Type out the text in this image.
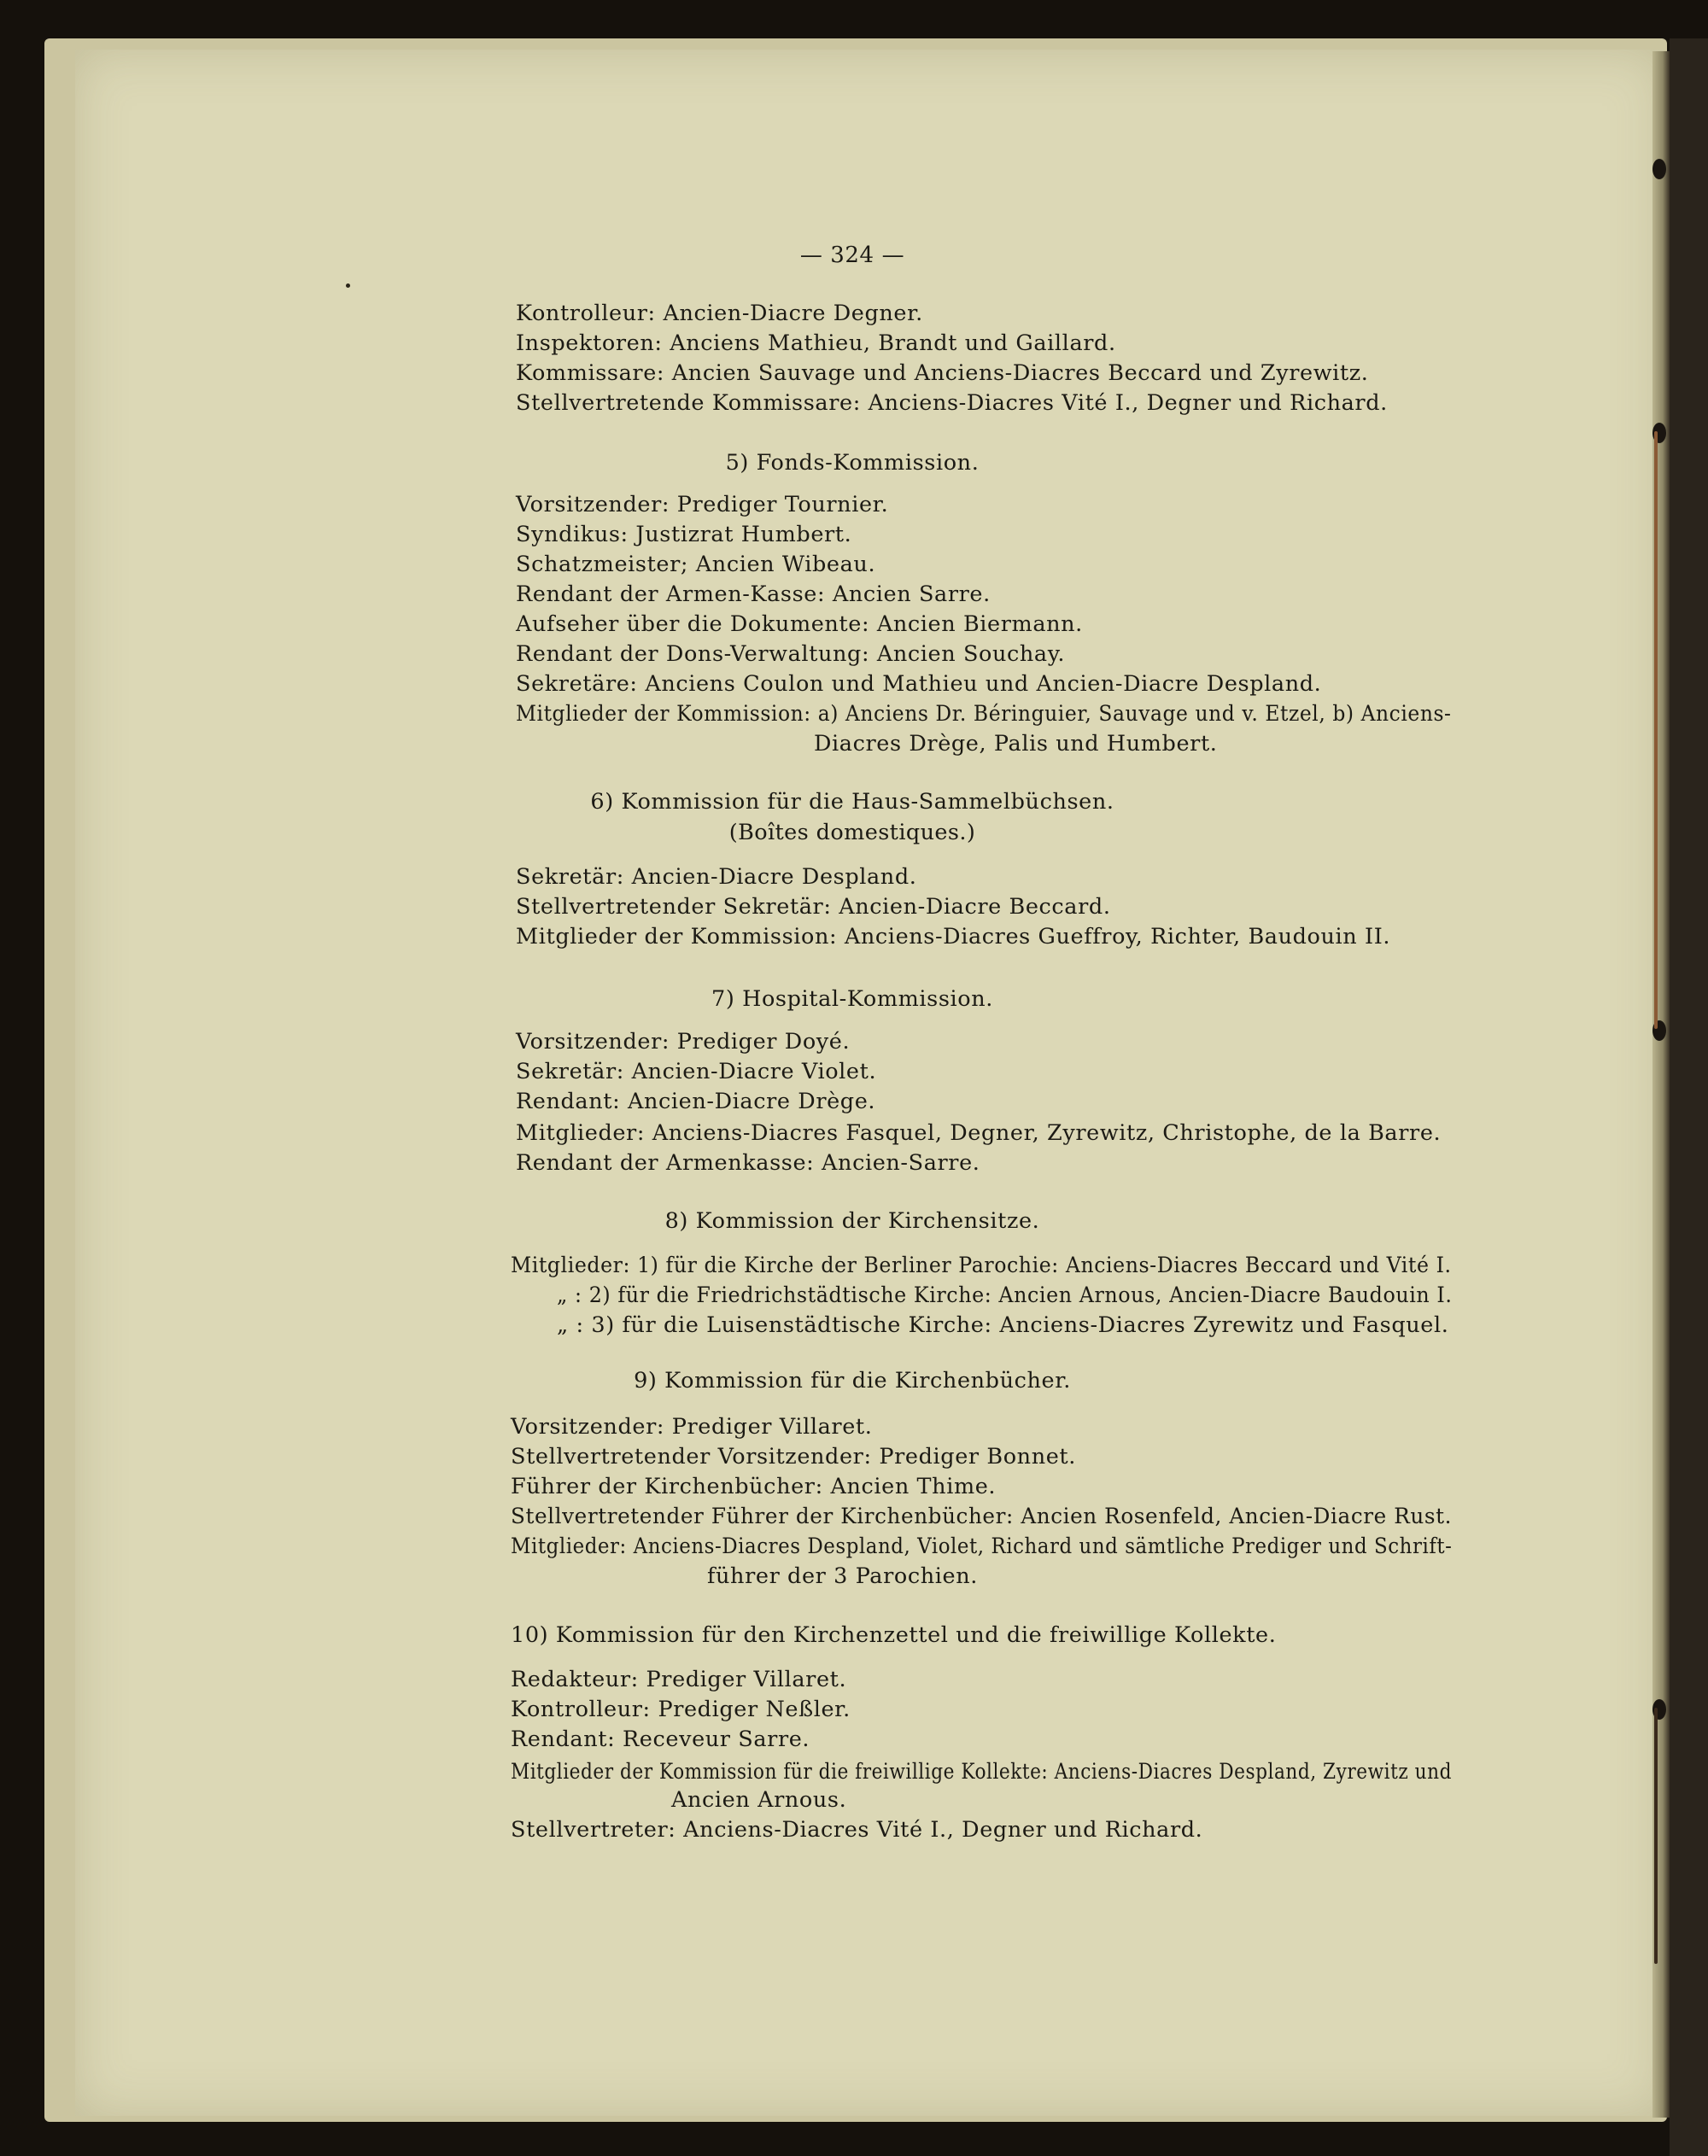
— 324 —
Kontrolleur: Ancien-Diacre Degner.
Inspektoren: Anciens Mathieu, Brandt und Gaillard.
Kommissare: Ancien Sauvage und Anciens-Diacres Beccard und Zyrewitz.
Stellvertretende Kommissare: Anciens-Diacres Vité I., Degner und Richard.
5) Fonds-Kommission.
Vorsitzender: Prediger Tournier.
Syndikus: Justizrat Humbert.
Schatzmeister; Ancien Wibeau.
Rendant der Armen-Kasse: Ancien Sarre.
Aufseher über die Dokumente: Ancien Biermann.
Rendant der Dons-Verwaltung: Ancien Souchay.
Sekretäre: Anciens Coulon und Mathieu und Ancien-Diacre Despland.
Mitglieder der Kommission: a) Anciens Dr. Béringuier, Sauvage und v. Etzel, b) Anciens-
Diacres Drège, Palis und Humbert.
6) Kommission für die Haus-Sammelbüchsen.
(Boîtes domestiques.)
Sekretär: Ancien-Diacre Despland.
Stellvertretender Sekretär: Ancien-Diacre Beccard.
Mitglieder der Kommission: Anciens-Diacres Gueffroy, Richter, Baudouin II.
7) Hospital-Kommission.
Vorsitzender: Prediger Doyé.
Sekretär: Ancien-Diacre Violet.
Rendant: Ancien-Diacre Drège.
Mitglieder: Anciens-Diacres Fasquel, Degner, Zyrewitz, Christophe, de la Barre.
Rendant der Armenkasse: Ancien-Sarre.
8) Kommission der Kirchensitze.
Mitglieder: 1) für die Kirche der Berliner Parochie: Anciens-Diacres Beccard und Vité I.
„ : 2) für die Friedrichstädtische Kirche: Ancien Arnous, Ancien-Diacre Baudouin I.
„ : 3) für die Luisenstädtische Kirche: Anciens-Diacres Zyrewitz und Fasquel.
9) Kommission für die Kirchenbücher.
Vorsitzender: Prediger Villaret.
Stellvertretender Vorsitzender: Prediger Bonnet.
Führer der Kirchenbücher: Ancien Thime.
Stellvertretender Führer der Kirchenbücher: Ancien Rosenfeld, Ancien-Diacre Rust.
Mitglieder: Anciens-Diacres Despland, Violet, Richard und sämtliche Prediger und Schrift-
führer der 3 Parochien.
10) Kommission für den Kirchenzettel und die freiwillige Kollekte.
Redakteur: Prediger Villaret.
Kontrolleur: Prediger Neßler.
Rendant: Receveur Sarre.
Mitglieder der Kommission für die freiwillige Kollekte: Anciens-Diacres Despland, Zyrewitz und
Ancien Arnous.
Stellvertreter: Anciens-Diacres Vité I., Degner und Richard.
